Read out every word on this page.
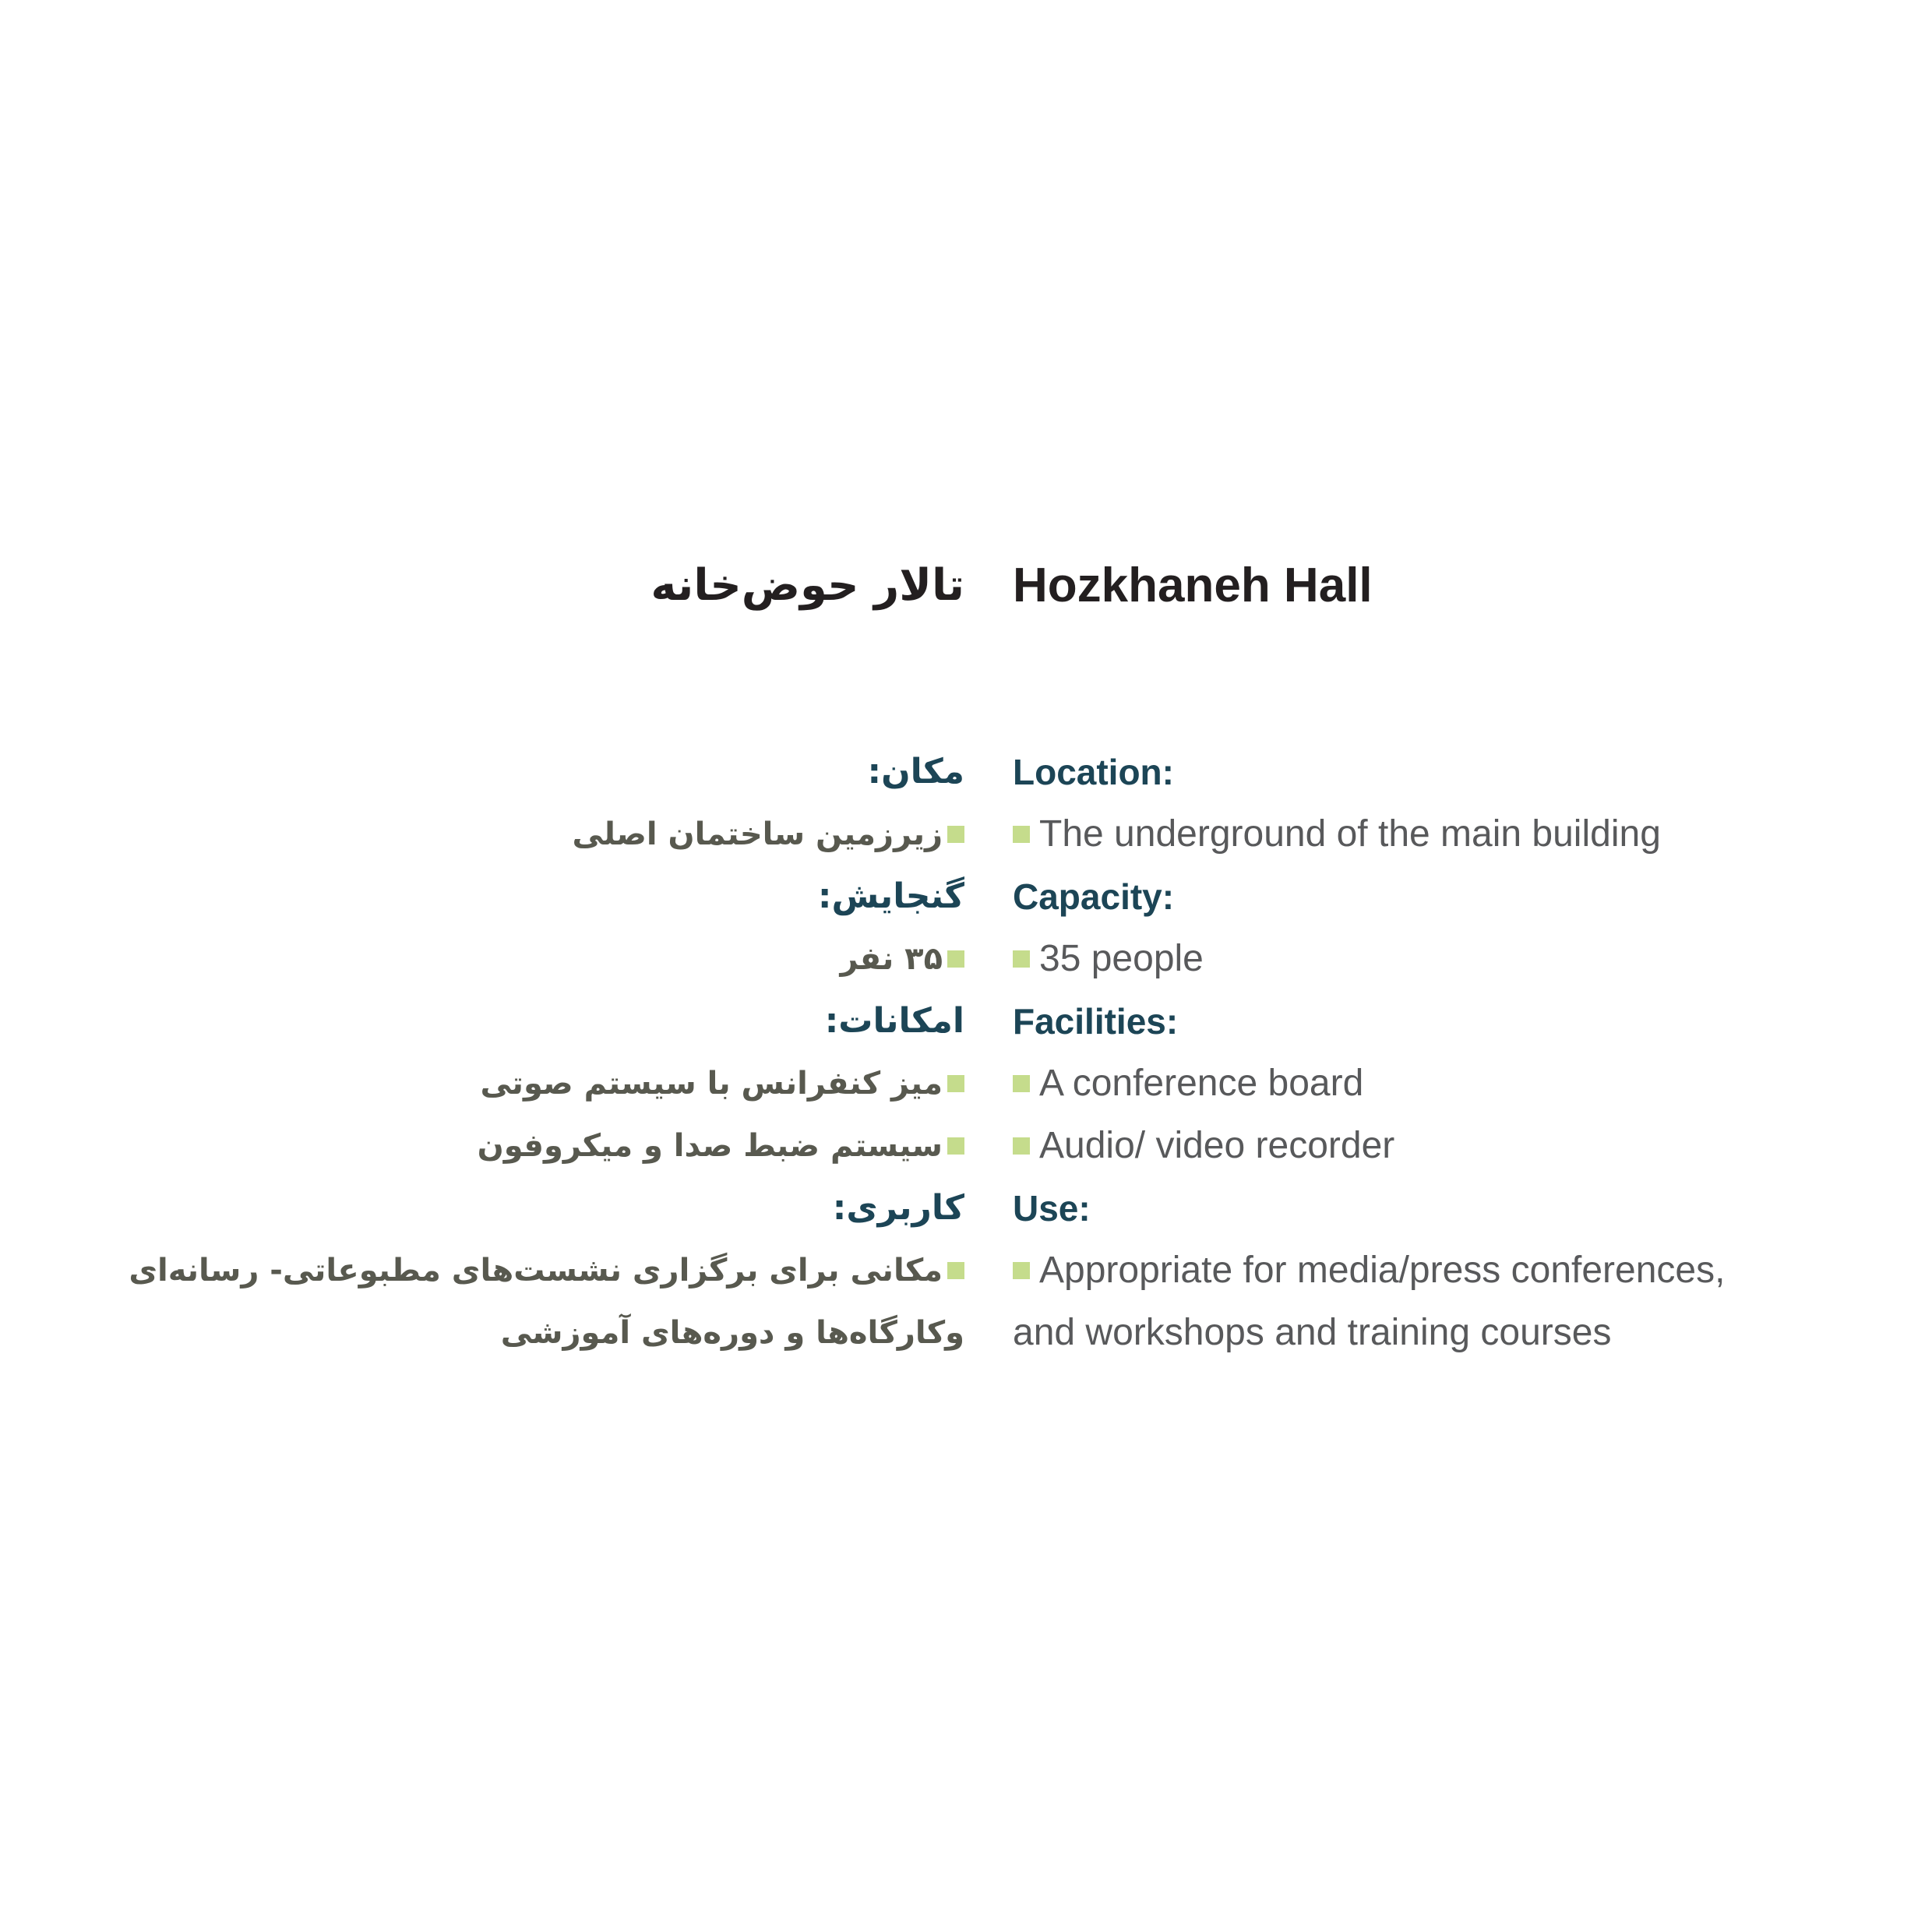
Hozkhaneh Hall
تالار حوض‌خانه
Location:
The underground of the main building
Capacity:
35 people
Facilities:
A conference board
Audio/ video recorder
Use:
Appropriate for media/press conferences,
and workshops and training courses
مکان:
زیرزمین ساختمان اصلی
گنجایش:
۳۵ نفر
امکانات:
میز کنفرانس با سیستم صوتی
سیستم ضبط صدا و میکروفون
کاربری:
مکانی برای برگزاری نشست‌های مطبوعاتی- رسانه‌ای
وکارگاه‌ها و دوره‌های آموزشی
